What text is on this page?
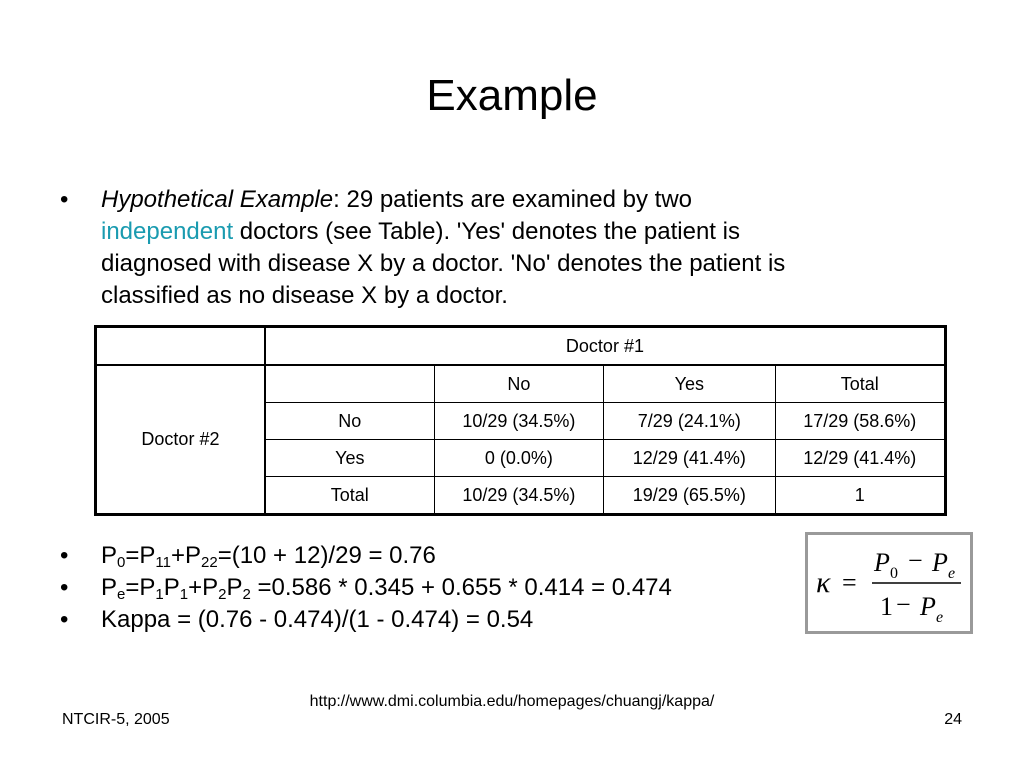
Example
•	Hypothetical Example: 29 patients are examined by two
independent doctors (see Table). 'Yes' denotes the patient is
diagnosed with disease X by a doctor. 'No' denotes the patient is
classified as no disease X by a doctor.
	Doctor #1			
Doctor #2		No	Yes	Total
	No	10/29 (34.5%)	7/29 (24.1%)	17/29 (58.6%)
	Yes	0 (0.0%)	12/29 (41.4%)	12/29 (41.4%)
	Total	10/29 (34.5%)	19/29 (65.5%)	1
•	$P_0=P_{11}+P_{22}=(10 + 12)/29 = 0.76$
•	$P_e=P_1P_1+P_2P_2 =0.586 * 0.345 + 0.655 * 0.414 = 0.474$
•	Kappa = (0.76 - 0.474)/(1 - 0.474) = 0.54
κ =
P 0 − P e
1 − P e
http://www.dmi.columbia.edu/homepages/chuangj/kappa/
NTCIR-5, 2005	24
